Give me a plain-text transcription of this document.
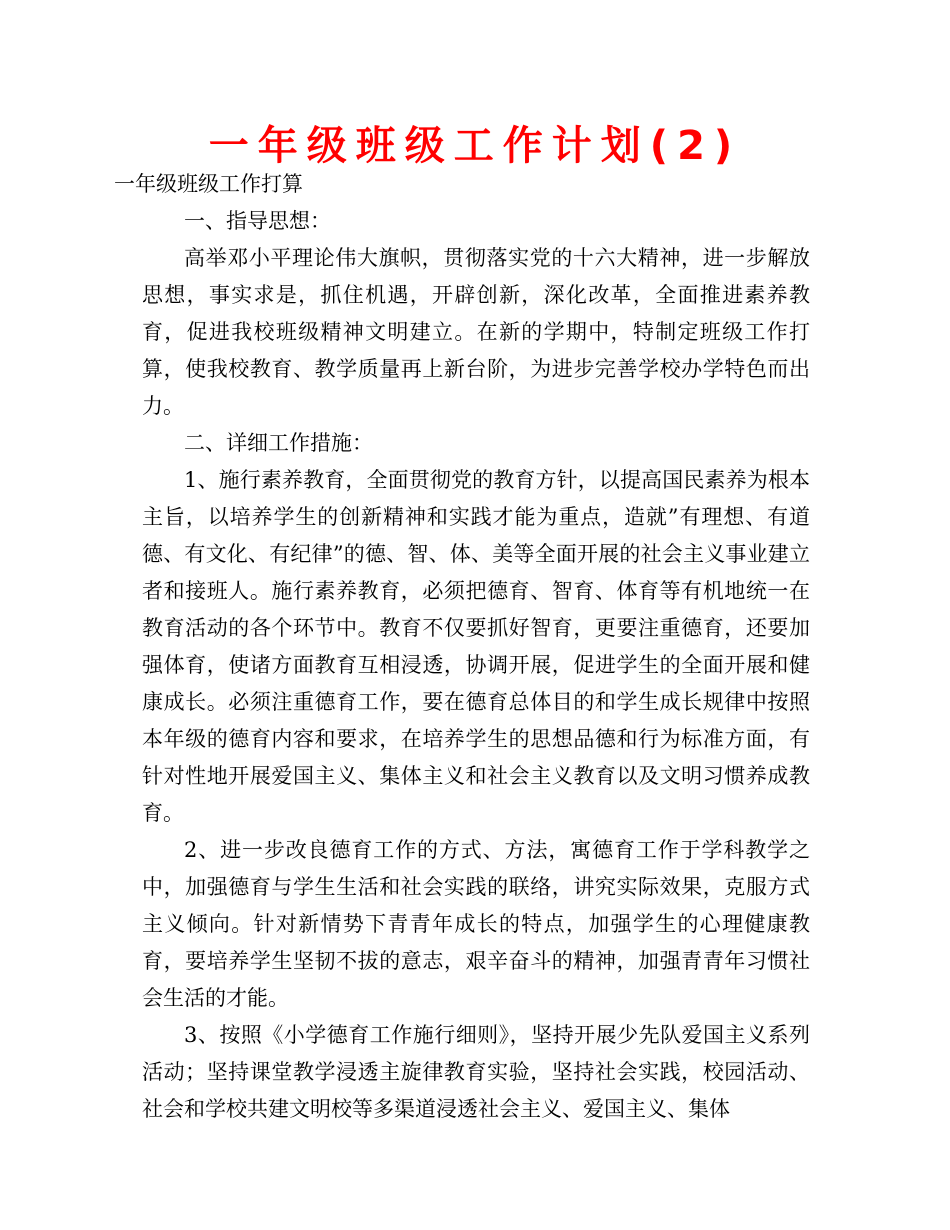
一年级班级工作计划(2)

一年级班级工作打算

一、指导思想：

高举邓小平理论伟大旗帜，贯彻落实党的十六大精神，进一步解放思想，事实求是，抓住机遇，开辟创新，深化改革，全面推进素养教育，促进我校班级精神文明建立。在新的学期中，特制定班级工作打算，使我校教育、教学质量再上新台阶，为进步完善学校办学特色而出力。

二、详细工作措施：

1、施行素养教育，全面贯彻党的教育方针，以提高国民素养为根本主旨，以培养学生的创新精神和实践才能为重点，造就”有理想、有道德、有文化、有纪律”的德、智、体、美等全面开展的社会主义事业建立者和接班人。施行素养教育，必须把德育、智育、体育等有机地统一在教育活动的各个环节中。教育不仅要抓好智育，更要注重德育，还要加强体育，使诸方面教育互相浸透，协调开展，促进学生的全面开展和健康成长。必须注重德育工作，要在德育总体目的和学生成长规律中按照本年级的德育内容和要求，在培养学生的思想品德和行为标准方面，有针对性地开展爱国主义、集体主义和社会主义教育以及文明习惯养成教育。

2、进一步改良德育工作的方式、方法，寓德育工作于学科教学之中，加强德育与学生生活和社会实践的联络，讲究实际效果，克服方式主义倾向。针对新情势下青青年成长的特点，加强学生的心理健康教育，要培养学生坚韧不拔的意志，艰辛奋斗的精神，加强青青年习惯社会生活的才能。

3、按照《小学德育工作施行细则》，坚持开展少先队爱国主义系列活动；坚持课堂教学浸透主旋律教育实验，坚持社会实践，校园活动、社会和学校共建文明校等多渠道浸透社会主义、爱国主义、集体
